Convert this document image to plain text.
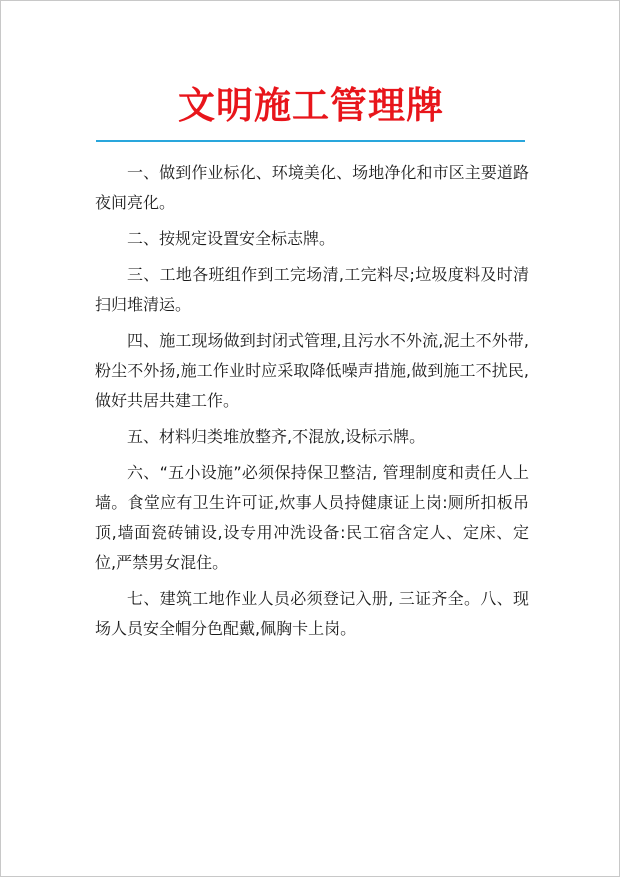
文明施工管理牌

一、做到作业标化、环境美化、场地净化和市区主要道路夜间亮化。

二、按规定设置安全标志牌。

三、工地各班组作到工完场清,工完料尽;垃圾度料及时清扫归堆清运。

四、施工现场做到封闭式管理,且污水不外流,泥土不外带,粉尘不外扬,施工作业时应采取降低噪声措施,做到施工不扰民, 做好共居共建工作。

五、材料归类堆放整齐,不混放,设标示牌。

六、“五小设施”必须保持保卫整洁, 管理制度和责任人上墙。食堂应有卫生许可证,炊事人员持健康证上岗:厕所扣板吊顶,墙面瓷砖铺设,设专用冲洗设备:民工宿含定人、定床、定位,严禁男女混住。

七、建筑工地作业人员必须登记入册, 三证齐全。八、现场人员安全帽分色配戴,佩胸卡上岗。
